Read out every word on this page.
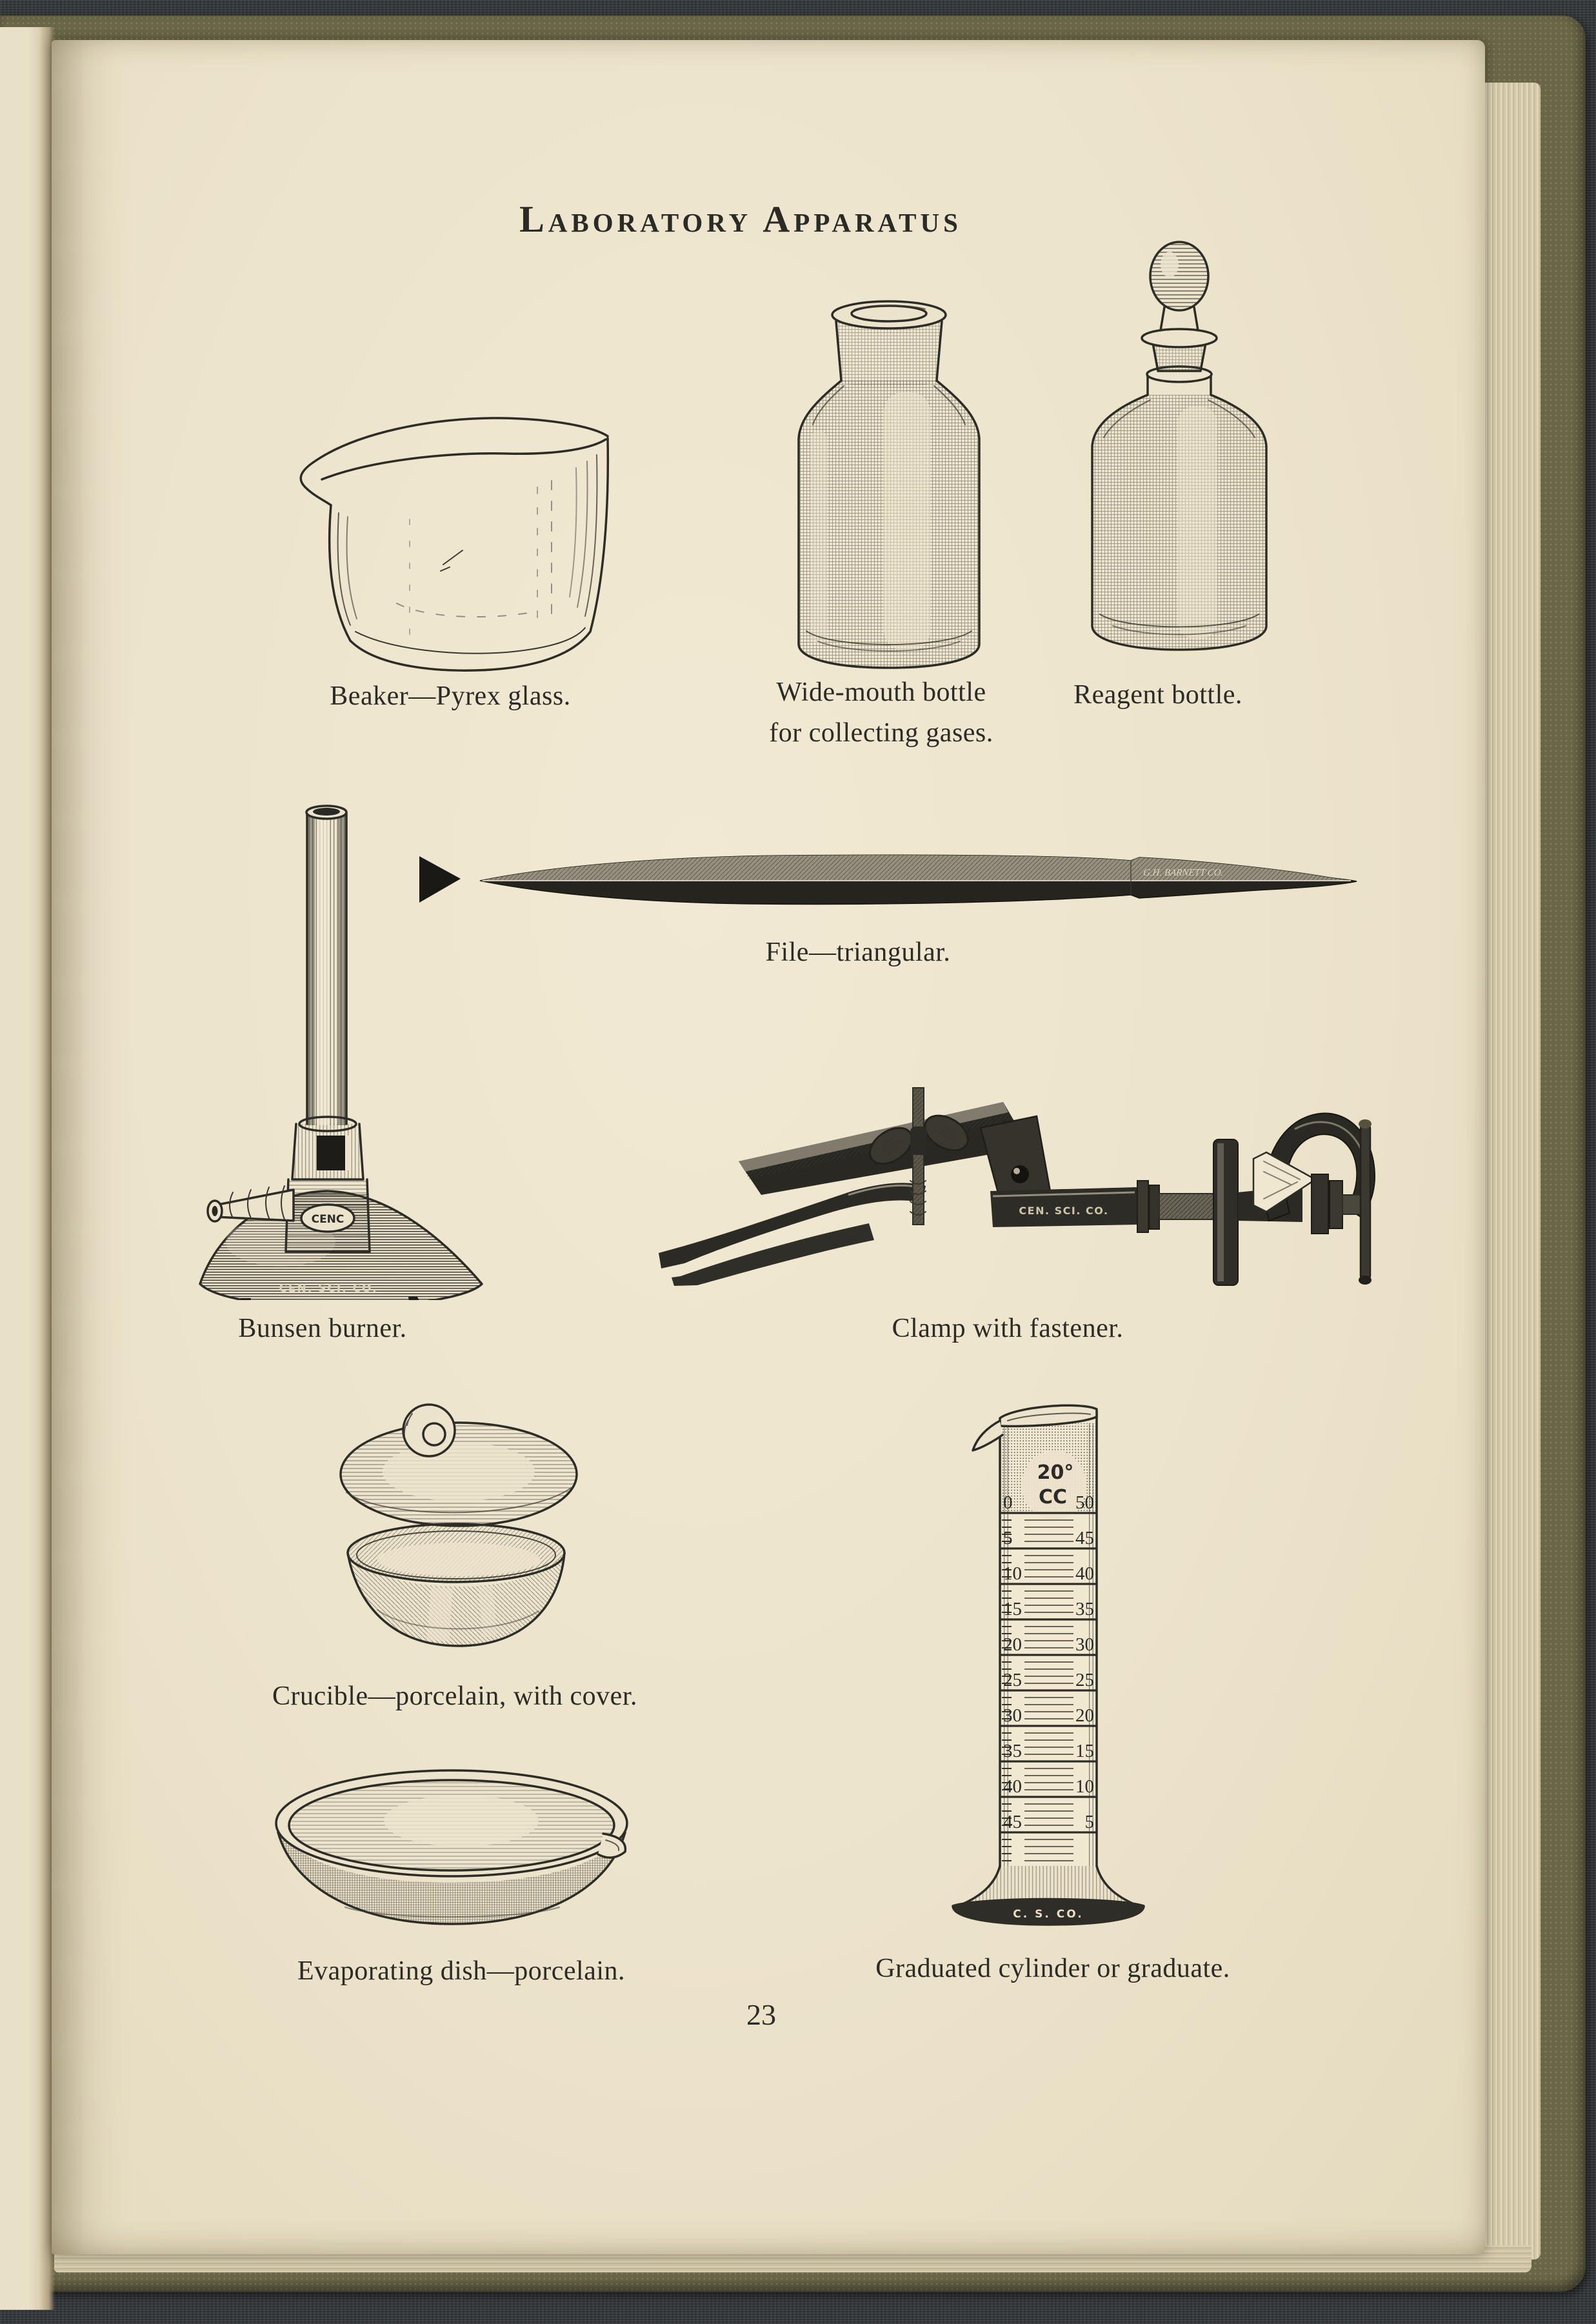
Laboratory Apparatus
Beaker—Pyrex glass.	Wide-mouth bottle
for collecting gases.
Reagent bottle.
G.H. BARNETT CO.
File—triangular.
CEN. SCI. CO.
CENC
Bunsen burner.
CEN. SCI. CO.
Clamp with fastener.
Crucible—porcelain, with cover.
0
5
10
15
20
25
30
35
40
45
50
45
40
35
30
25
20
15
10
5
20°
CC
C. S. CO.
Graduated cylinder or graduate.
Evaporating dish—porcelain.
23
